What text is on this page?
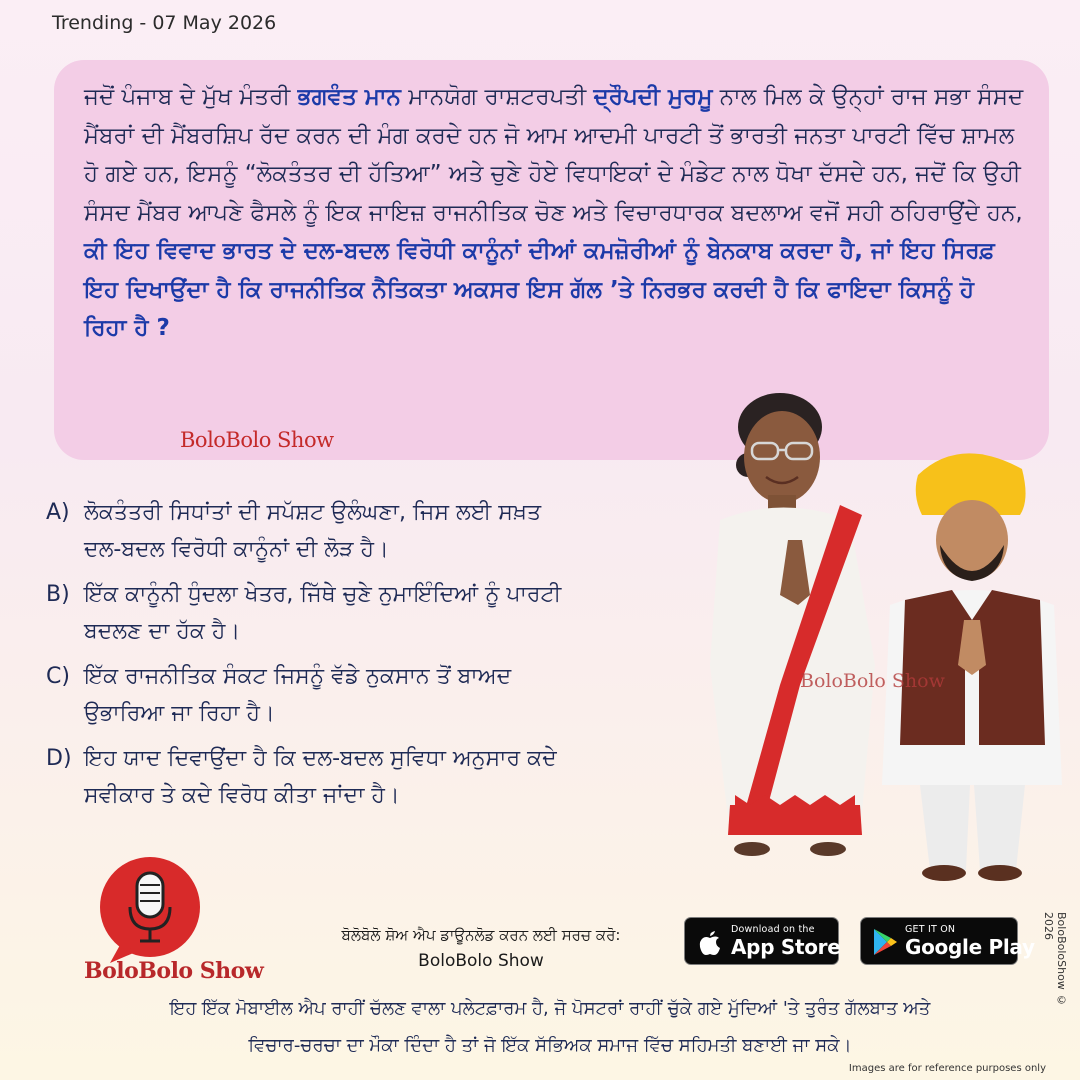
Trending - 07 May 2026
ਜਦੋਂ ਪੰਜਾਬ ਦੇ ਮੁੱਖ ਮੰਤਰੀ ਭਗਵੰਤ ਮਾਨ ਮਾਨਯੋਗ ਰਾਸ਼ਟਰਪਤੀ ਦ੍ਰੌਪਦੀ ਮੁਰਮੂ ਨਾਲ ਮਿਲ ਕੇ ਉਨ੍ਹਾਂ ਰਾਜ ਸਭਾ ਸੰਸਦ ਮੈਂਬਰਾਂ ਦੀ ਮੈਂਬਰਸ਼ਿਪ ਰੱਦ ਕਰਨ ਦੀ ਮੰਗ ਕਰਦੇ ਹਨ ਜੋ ਆਮ ਆਦਮੀ ਪਾਰਟੀ ਤੋਂ ਭਾਰਤੀ ਜਨਤਾ ਪਾਰਟੀ ਵਿੱਚ ਸ਼ਾਮਲ ਹੋ ਗਏ ਹਨ, ਇਸਨੂੰ “ਲੋਕਤੰਤਰ ਦੀ ਹੱਤਿਆ” ਅਤੇ ਚੁਣੇ ਹੋਏ ਵਿਧਾਇਕਾਂ ਦੇ ਮੰਡੇਟ ਨਾਲ ਧੋਖਾ ਦੱਸਦੇ ਹਨ, ਜਦੋਂ ਕਿ ਉਹੀ ਸੰਸਦ ਮੈਂਬਰ ਆਪਣੇ ਫੈਸਲੇ ਨੂੰ ਇਕ ਜਾਇਜ਼ ਰਾਜਨੀਤਿਕ ਚੋਣ ਅਤੇ ਵਿਚਾਰਧਾਰਕ ਬਦਲਾਅ ਵਜੋਂ ਸਹੀ ਠਹਿਰਾਉਂਦੇ ਹਨ, ਕੀ ਇਹ ਵਿਵਾਦ ਭਾਰਤ ਦੇ ਦਲ-ਬਦਲ ਵਿਰੋਧੀ ਕਾਨੂੰਨਾਂ ਦੀਆਂ ਕਮਜ਼ੋਰੀਆਂ ਨੂੰ ਬੇਨਕਾਬ ਕਰਦਾ ਹੈ, ਜਾਂ ਇਹ ਸਿਰਫ਼ ਇਹ ਦਿਖਾਉਂਦਾ ਹੈ ਕਿ ਰਾਜਨੀਤਿਕ ਨੈਤਿਕਤਾ ਅਕਸਰ ਇਸ ਗੱਲ ’ਤੇ ਨਿਰਭਰ ਕਰਦੀ ਹੈ ਕਿ ਫਾਇਦਾ ਕਿਸਨੂੰ ਹੋ ਰਿਹਾ ਹੈ ?
BoloBolo Show
A) ਲੋਕਤੰਤਰੀ ਸਿਧਾਂਤਾਂ ਦੀ ਸਪੱਸ਼ਟ ਉਲੰਘਣਾ, ਜਿਸ ਲਈ ਸਖ਼ਤ
ਦਲ-ਬਦਲ ਵਿਰੋਧੀ ਕਾਨੂੰਨਾਂ ਦੀ ਲੋੜ ਹੈ।
B) ਇੱਕ ਕਾਨੂੰਨੀ ਧੁੰਦਲਾ ਖੇਤਰ, ਜਿੱਥੇ ਚੁਣੇ ਨੁਮਾਇੰਦਿਆਂ ਨੂੰ ਪਾਰਟੀ
ਬਦਲਣ ਦਾ ਹੱਕ ਹੈ।
C) ਇੱਕ ਰਾਜਨੀਤਿਕ ਸੰਕਟ ਜਿਸਨੂੰ ਵੱਡੇ ਨੁਕਸਾਨ ਤੋਂ ਬਾਅਦ
ਉਭਾਰਿਆ ਜਾ ਰਿਹਾ ਹੈ।
D) ਇਹ ਯਾਦ ਦਿਵਾਉਂਦਾ ਹੈ ਕਿ ਦਲ-ਬਦਲ ਸੁਵਿਧਾ ਅਨੁਸਾਰ ਕਦੇ
ਸਵੀਕਾਰ ਤੇ ਕਦੇ ਵਿਰੋਧ ਕੀਤਾ ਜਾਂਦਾ ਹੈ।
BoloBolo Show
BoloBolo Show
ਬੋਲੋਬੋਲੋ ਸ਼ੋਅ ਐਪ ਡਾਊਨਲੋਡ ਕਰਨ ਲਈ ਸਰਚ ਕਰੋ:
BoloBolo Show
Download on the
App Store
GET IT ON
Google Play
ਇਹ ਇੱਕ ਮੋਬਾਈਲ ਐਪ ਰਾਹੀਂ ਚੱਲਣ ਵਾਲਾ ਪਲੇਟਫ਼ਾਰਮ ਹੈ, ਜੋ ਪੋਸਟਰਾਂ ਰਾਹੀਂ ਚੁੱਕੇ ਗਏ ਮੁੱਦਿਆਂ 'ਤੇ ਤੁਰੰਤ ਗੱਲਬਾਤ ਅਤੇ
ਵਿਚਾਰ-ਚਰਚਾ ਦਾ ਮੌਕਾ ਦਿੰਦਾ ਹੈ ਤਾਂ ਜੋ ਇੱਕ ਸੱਭਿਅਕ ਸਮਾਜ ਵਿੱਚ ਸਹਿਮਤੀ ਬਣਾਈ ਜਾ ਸਕੇ।
BoloBoloShow © 2026
Images are for reference purposes only
